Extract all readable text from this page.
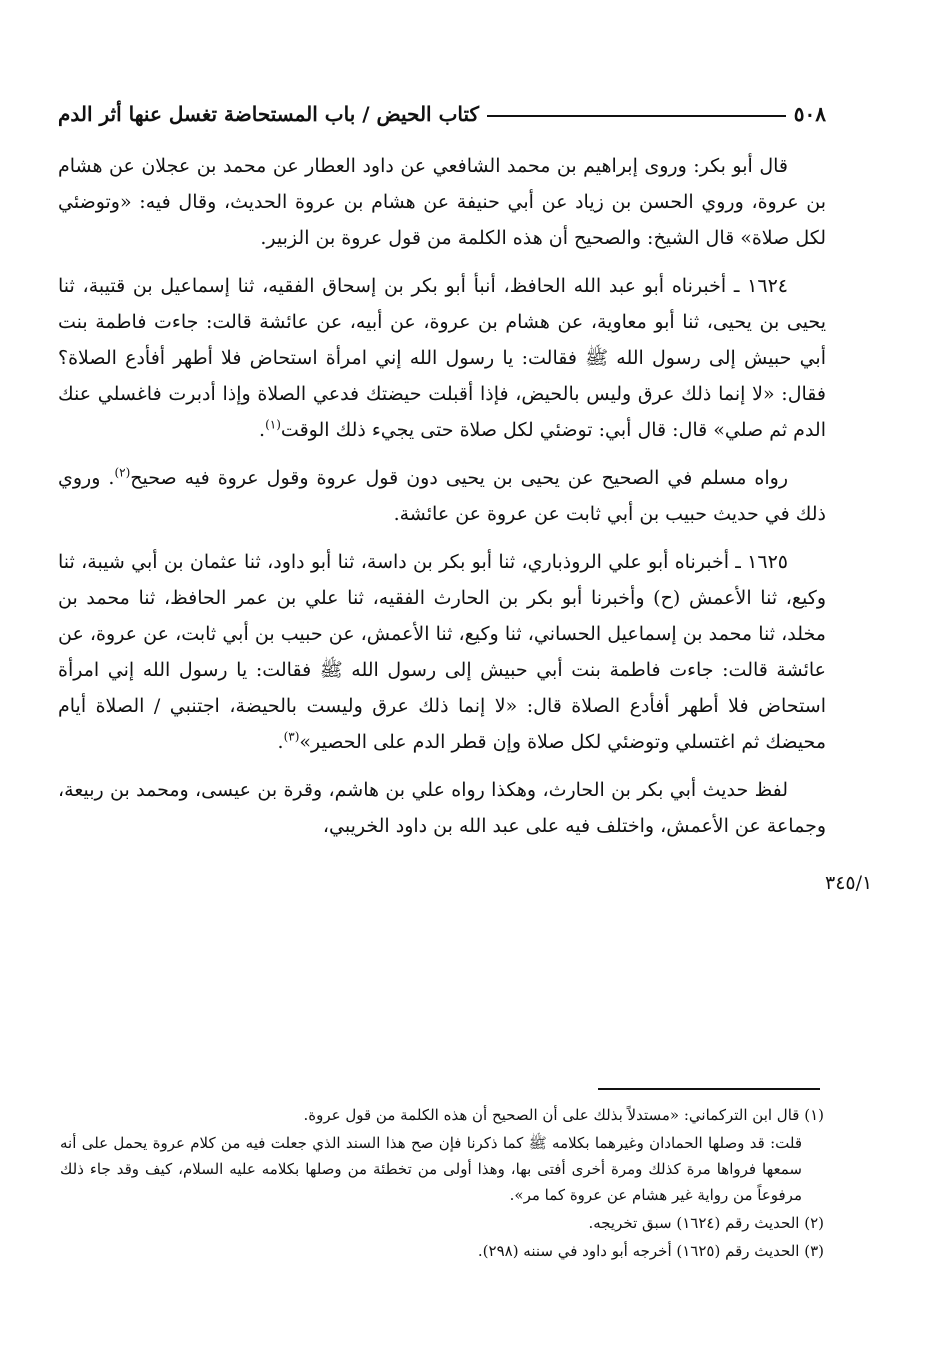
٥٠٨
كتاب الحيض / باب المستحاضة تغسل عنها أثر الدم

قال أبو بكر: وروى إبراهيم بن محمد الشافعي عن داود العطار عن محمد بن عجلان عن هشام بن عروة، وروي الحسن بن زياد عن أبي حنيفة عن هشام بن عروة الحديث، وقال فيه: «وتوضئي لكل صلاة» قال الشيخ: والصحيح أن هذه الكلمة من قول عروة بن الزبير.

١٦٢٤ ـ أخبرناه أبو عبد الله الحافظ، أنبأ أبو بكر بن إسحاق الفقيه، ثنا إسماعيل بن قتيبة، ثنا يحيى بن يحيى، ثنا أبو معاوية، عن هشام بن عروة، عن أبيه، عن عائشة قالت: جاءت فاطمة بنت أبي حبيش إلى رسول الله ﷺ فقالت: يا رسول الله إني امرأة استحاض فلا أطهر أفأدع الصلاة؟ فقال: «لا إنما ذلك عرق وليس بالحيض، فإذا أقبلت حيضتك فدعي الصلاة وإذا أدبرت فاغسلي عنك الدم ثم صلي» قال: قال أبي: توضئي لكل صلاة حتى يجيء ذلك الوقت$^{(١)}$.

رواه مسلم في الصحيح عن يحيى بن يحيى دون قول عروة وقول عروة فيه صحيح$^{(٢)}$. وروي ذلك في حديث حبيب بن أبي ثابت عن عروة عن عائشة.

١٦٢٥ ـ أخبرناه أبو علي الروذباري، ثنا أبو بكر بن داسة، ثنا أبو داود، ثنا عثمان بن أبي شيبة، ثنا وكيع، ثنا الأعمش (ح) وأخبرنا أبو بكر بن الحارث الفقيه، ثنا علي بن عمر الحافظ، ثنا محمد بن مخلد، ثنا محمد بن إسماعيل الحساني، ثنا وكيع، ثنا الأعمش، عن حبيب بن أبي ثابت، عن عروة، عن عائشة قالت: جاءت فاطمة بنت أبي حبيش إلى رسول الله ﷺ فقالت: يا رسول الله إني امرأة استحاض فلا أطهر أفأدع الصلاة قال: «لا إنما ذلك عرق وليست بالحيضة، اجتنبي / الصلاة أيام محيضك ثم اغتسلي وتوضئي لكل صلاة وإن قطر الدم على الحصير»$^{(٣)}$.

لفظ حديث أبي بكر بن الحارث، وهكذا رواه علي بن هاشم، وقرة بن عيسى، ومحمد بن ربيعة، وجماعة عن الأعمش، واختلف فيه على عبد الله بن داود الخريبي،

٣٤٥/١

(١) قال ابن التركماني: «مستدلاً بذلك على أن الصحيح أن هذه الكلمة من قول عروة.

قلت: قد وصلها الحمادان وغيرهما بكلامه ﷺ كما ذكرنا فإن صح هذا السند الذي جعلت فيه من كلام عروة يحمل على أنه سمعها فرواها مرة كذلك ومرة أخرى أفتى بها، وهذا أولى من تخطئة من وصلها بكلامه عليه السلام، كيف وقد جاء ذلك مرفوعاً من رواية غير هشام عن عروة كما مر».

(٢) الحديث رقم (١٦٢٤) سبق تخريجه.

(٣) الحديث رقم (١٦٢٥) أخرجه أبو داود في سننه (٢٩٨).
